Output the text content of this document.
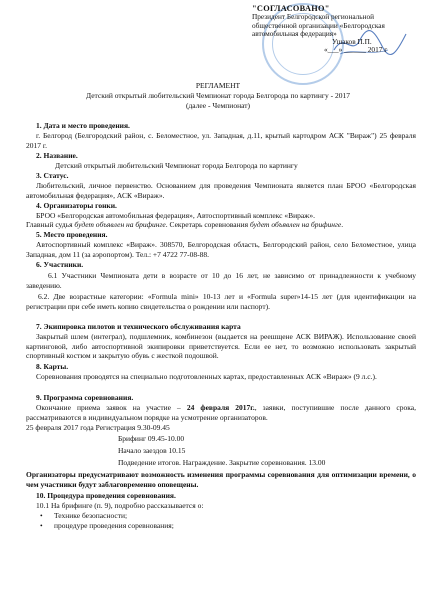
"СОГЛАСОВАНО"
Президент Белгородской региональной
общественной организации «Белгородская
автомобильная федерация»
Ушаков П.П.
«___» ______ 2017 г
РЕГЛАМЕНТ
Детский открытый любительский Чемпионат города Белгорода по картингу - 2017
(далее - Чемпионат)
1. Дата и место проведения.
г. Белгород (Белгородский район, с. Беломестное, ул. Западная, д.11, крытый картодром АСК "Вираж") 25 февраля 2017 г.
2. Название.
Детский открытый любительский Чемпионат города Белгорода по картингу
3. Статус.
Любительский, личное первенство. Основанием для проведения Чемпионата является план БРОО «Белгородская автомобильная федерация», АСК «Вираж».
4. Организаторы гонки.
БРОО «Белгородская автомобильная федерация», Автоспортивный комплекс «Вираж».
Главный судья будет объявлен на брифинге. Секретарь соревнования будет объявлен на брифинге.
5. Место проведения.
Автоспортивный комплекс «Вираж». 308570, Белгородская область, Белгородский район, село Беломестное, улица Западная, дом 11 (за аэропортом). Тел.: +7 4722 77-08-88.
6. Участники.
6.1 Участники Чемпионата дети в возрасте от 10 до 16 лет, не зависимо от принадлежности к учебному заведению.
6.2. Две возрастные категории: «Formula mini» 10-13 лет и «Formula super»14-15 лет (для идентификации на регистрации при себе иметь копию свидетельства о рождении или паспорт).
7. Экипировка пилотов и технического обслуживания карта
Закрытый шлем (интеграл), подшлемник, комбинезон (выдается на реешщене АСК ВИРАЖ). Использование своей картинговой, либо автоспортивной экипировки приветствуется. Если ее нет, то возможно использовать закрытый спортивный костюм и закрытую обувь с жесткой подошвой.
8. Карты.
Соревнования проводятся на специально подготовленных картах, предоставленных АСК «Вираж» (9 л.с.).
9. Программа соревнования.
Окончание приема заявок на участие – 24 февраля 2017г., заявки, поступившие после данного срока, рассматриваются в индивидуальном порядке на усмотрение организаторов.
25 февраля 2017 года Регистрация 9.30-09.45
Брифинг 09.45-10.00
Начало заездов 10.15
Подведение итогов. Награждение. Закрытие соревнования. 13.00
Организаторы предусматривают возможность изменения программы соревнования для оптимизации времени, о чем участники будут заблаговременно оповещены.
10. Процедура проведения соревнования.
10.1 На брифинге (п. 9), подробно рассказывается о:
• Технике безопасности;
• процедуре проведения соревнования;
